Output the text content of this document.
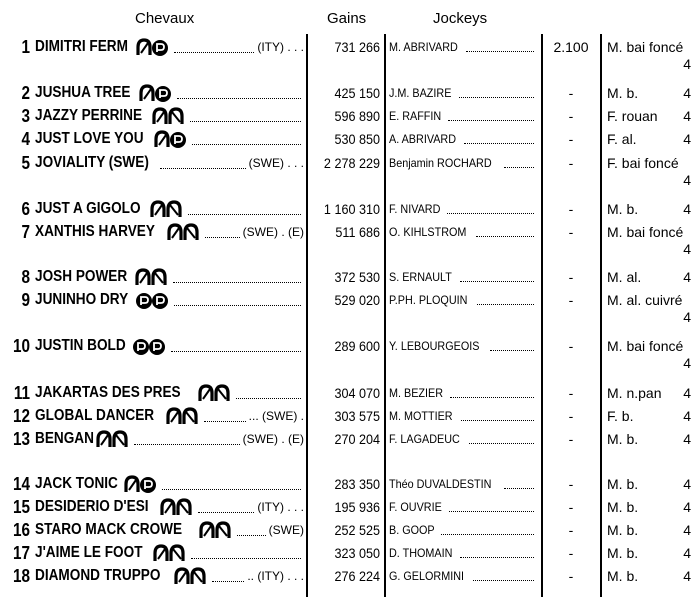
Chevaux	Gains	Jockeys
1 DIMITRI FERM	(ITY) . . .	731 266 M. ABRIVARD	2.100	M. bai foncé
4
2 JUSHUA TREE	425 150 J.M. BAZIRE	-	M. b.	4
3 JAZZY PERRINE	596 890 E. RAFFIN	-	F. rouan 4
4 JUST LOVE YOU	530 850 A. ABRIVARD	-	F. al.	4
5 JOVIALITY (SWE)	(SWE) . . .	2 278 229 Benjamin ROCHARD	-	F. bai foncé
4
6 JUST A GIGOLO	1 160 310 F. NIVARD	-	M. b.	4
7 XANTHIS HARVEY	(SWE) . (E)	511 686 O. KIHLSTROM	-	M. bai foncé
4
8 JOSH POWER	372 530 S. ERNAULT	-	M. al.	4
9 JUNINHO DRY	529 020 P.PH. PLOQUIN	-	M. al. cuivré
4
10 JUSTIN BOLD	289 600 Y. LEBOURGEOIS	-	M. bai foncé
4
11 JAKARTAS DES PRES	304 070 M. BEZIER	-	M. n.pan 4
12 GLOBAL DANCER	... (SWE) .	303 575 M. MOTTIER	-	F. b.	4
13 BENGAN	(SWE) . (E)	270 204 F. LAGADEUC	-	M. b.	4
14 JACK TONIC	283 350 Théo DUVALDESTIN	-	M. b.	4
15 DESIDERIO D'ESI	(ITY) . . .	195 936 F. OUVRIE	-	M. b.	4
16 STARO MACK CROWE	(SWE)	252 525 B. GOOP	-	M. b.	4
17 J'AIME LE FOOT	323 050 D. THOMAIN	-	M. b.	4
18 DIAMOND TRUPPO	.. (ITY) . . .	276 224 G. GELORMINI	-	M. b.	4
